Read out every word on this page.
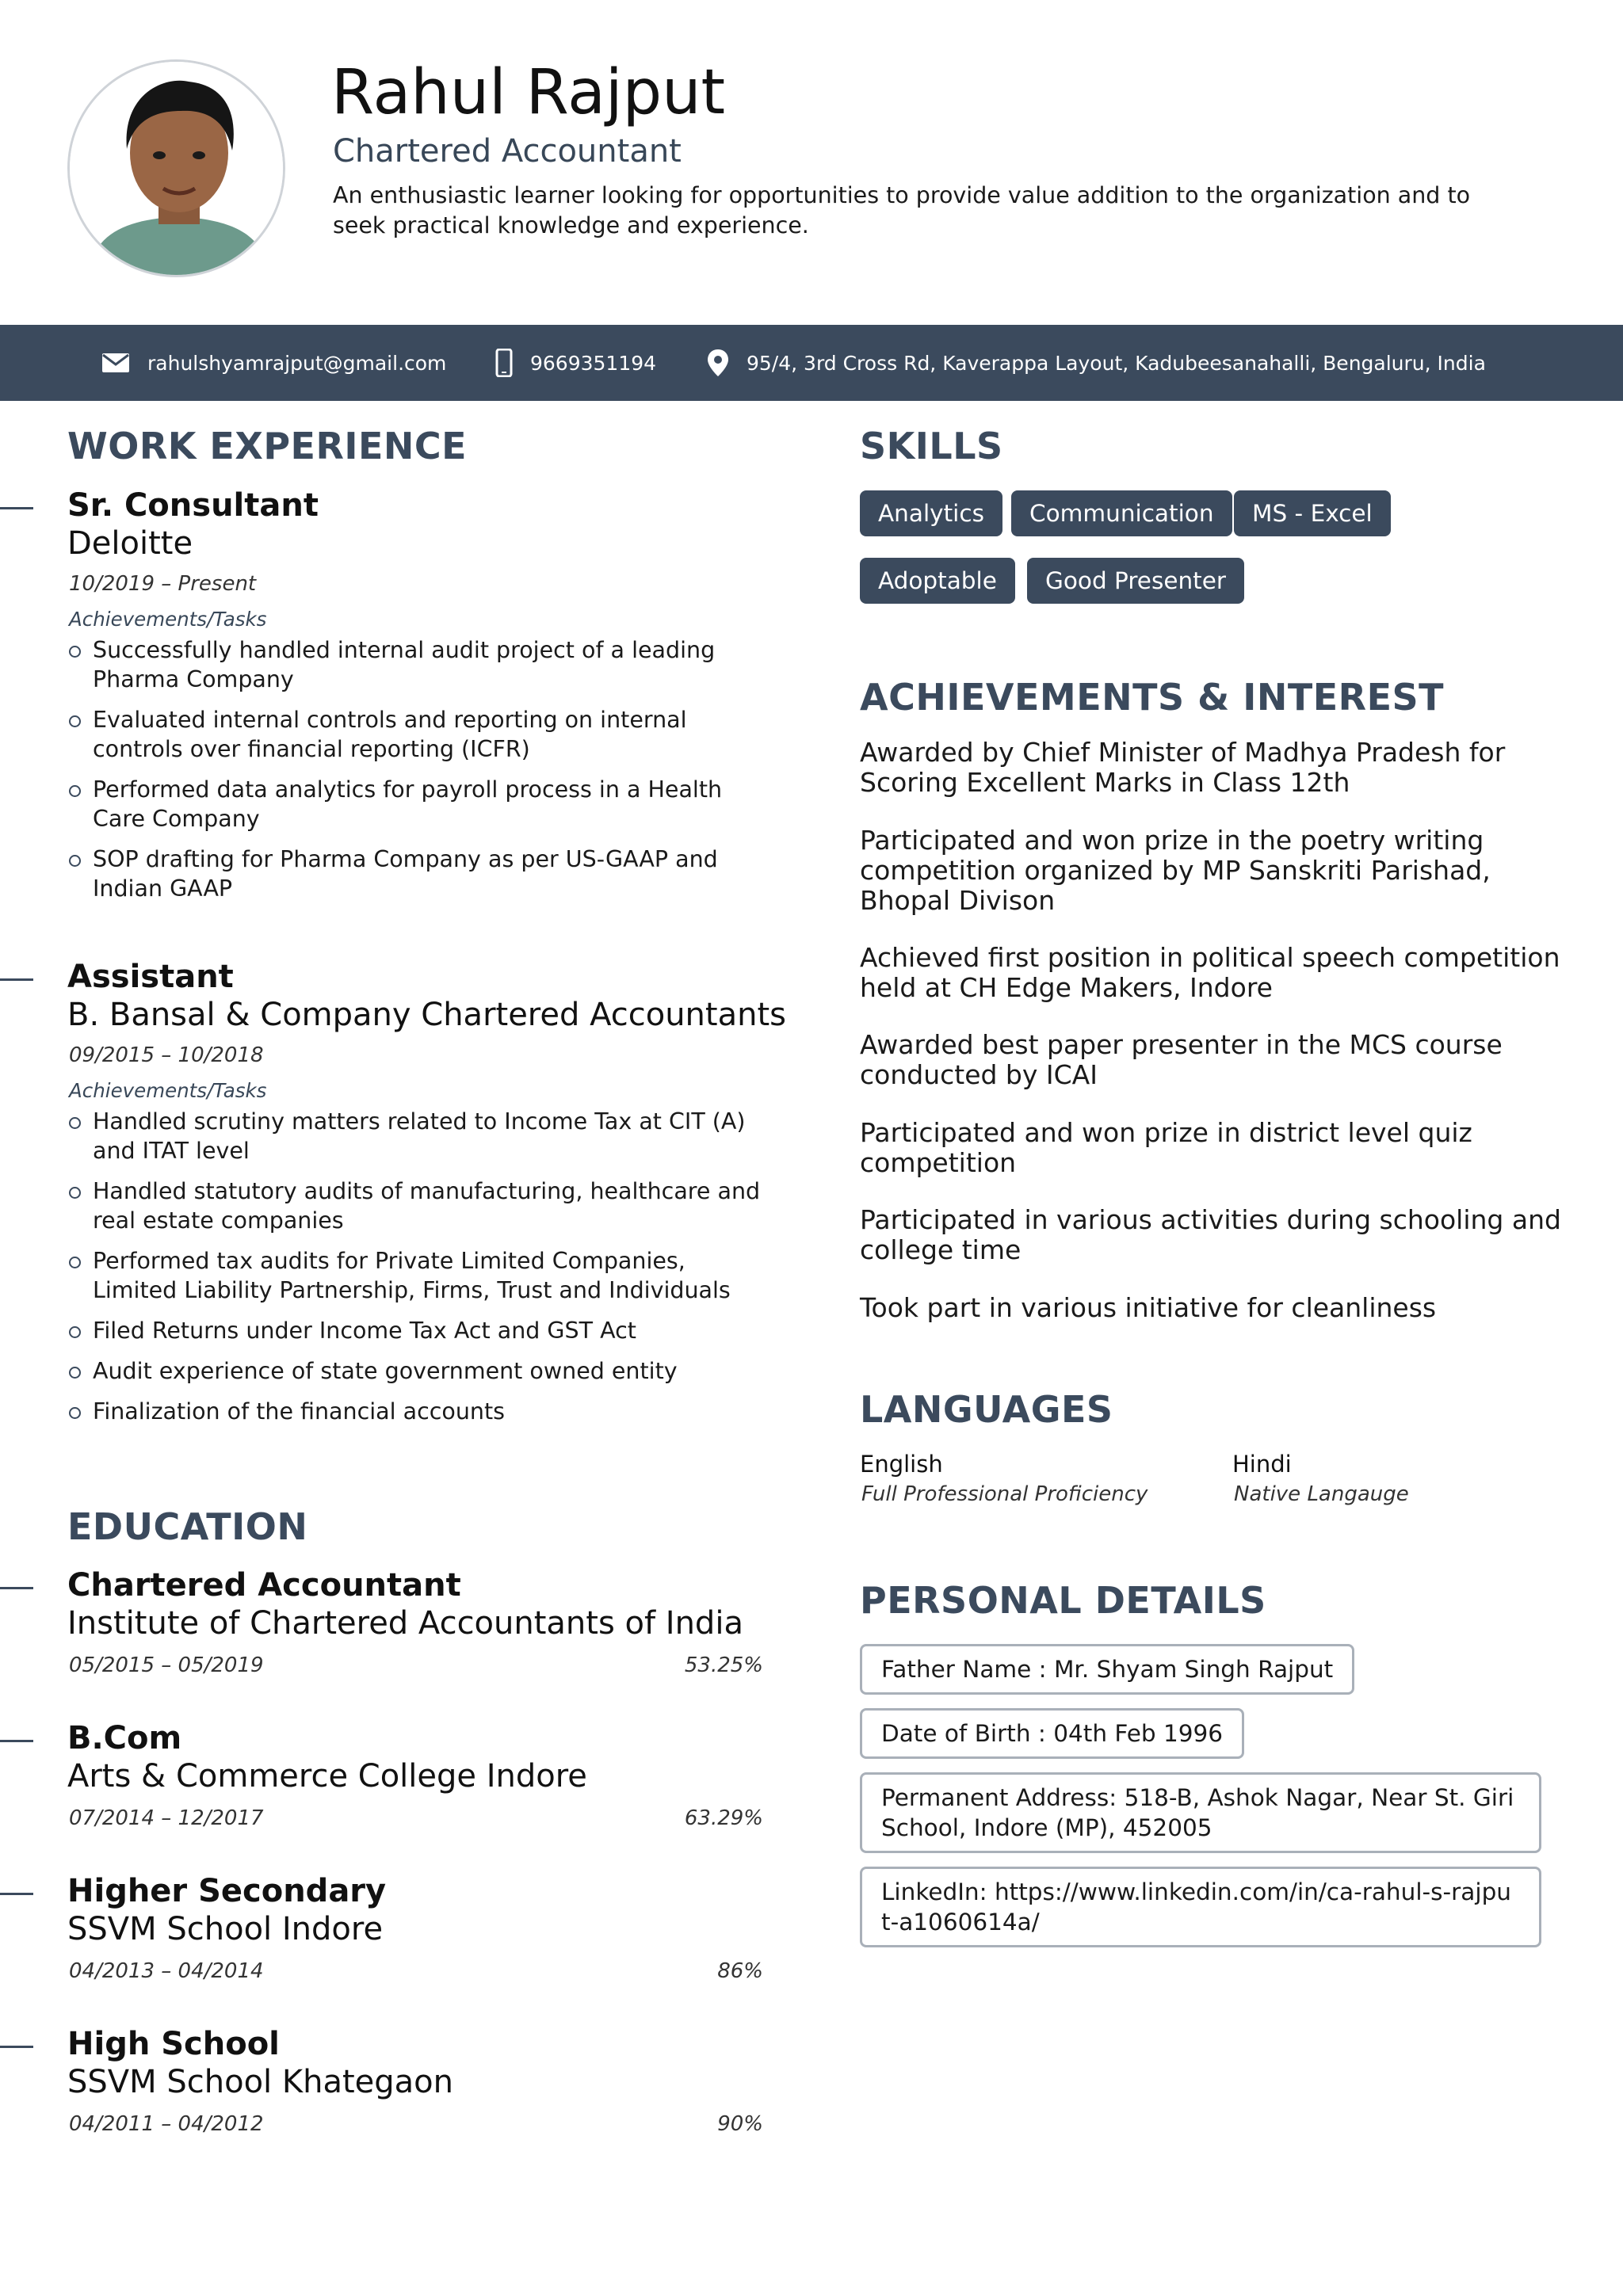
Rahul Rajput
Chartered Accountant
An enthusiastic learner looking for opportunities to provide value addition to the organization and to seek practical knowledge and experience.
rahulshyamrajput@gmail.com	9669351194	95/4, 3rd Cross Rd, Kaverappa Layout, Kadubeesanahalli, Bengaluru, India
WORK EXPERIENCE
Sr. Consultant
Deloitte
10/2019 – Present
Achievements/Tasks
Successfully handled internal audit project of a leading Pharma Company
Evaluated internal controls and reporting on internal controls over financial reporting (ICFR)
Performed data analytics for payroll process in a Health Care Company
SOP drafting for Pharma Company as per US-GAAP and Indian GAAP
Assistant
B. Bansal & Company Chartered Accountants
09/2015 – 10/2018
Achievements/Tasks
Handled scrutiny matters related to Income Tax at CIT (A) and ITAT level
Handled statutory audits of manufacturing, healthcare and real estate companies
Performed tax audits for Private Limited Companies, Limited Liability Partnership, Firms, Trust and Individuals
Filed Returns under Income Tax Act and GST Act
Audit experience of state government owned entity
Finalization of the financial accounts
EDUCATION
Chartered Accountant
Institute of Chartered Accountants of India
05/2015 – 05/2019	53.25%
B.Com
Arts & Commerce College Indore
07/2014 – 12/2017	63.29%
Higher Secondary
SSVM School Indore
04/2013 – 04/2014	86%
High School
SSVM School Khategaon
04/2011 – 04/2012	90%
SKILLS
Analytics	Communication	MS - Excel
Adoptable	Good Presenter
ACHIEVEMENTS & INTEREST
Awarded by Chief Minister of Madhya Pradesh for Scoring Excellent Marks in Class 12th
Participated and won prize in the poetry writing competition organized by MP Sanskriti Parishad, Bhopal Divison
Achieved first position in political speech competition held at CH Edge Makers, Indore
Awarded best paper presenter in the MCS course conducted by ICAI
Participated and won prize in district level quiz competition
Participated in various activities during schooling and college time
Took part in various initiative for cleanliness
LANGUAGES
English
Full Professional Proficiency
Hindi
Native Langauge
PERSONAL DETAILS
Father Name : Mr. Shyam Singh Rajput
Date of Birth : 04th Feb 1996
Permanent Address: 518-B, Ashok Nagar, Near St. Giri School, Indore (MP), 452005
LinkedIn: https://www.linkedin.com/in/ca-rahul-s-rajput-a1060614a/
